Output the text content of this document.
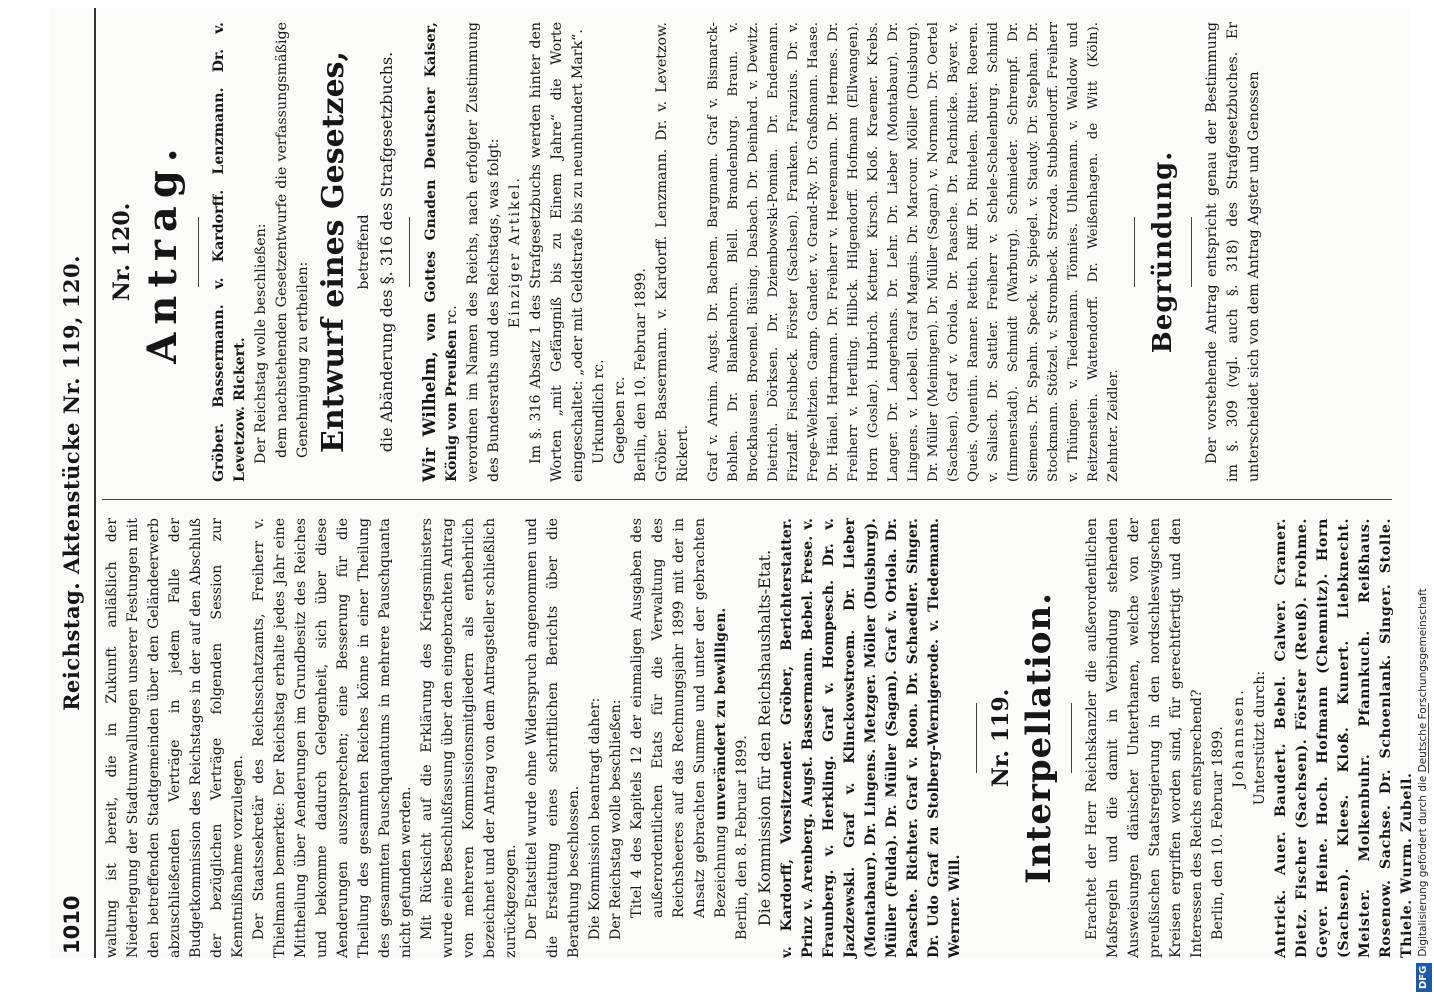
1010
Reichstag. Aktenstücke Nr. 119, 120.

waltung ist bereit, die in Zukunft anläßlich der Niederlegung der Stadtumwallungen unserer Festungen mit den betreffenden Stadtgemeinden über den Geländeerwerb abzuschließenden Verträge in jedem Falle der Budgetkommission des Reichstages in der auf den Abschluß der bezüglichen Verträge folgenden Session zur Kenntnißnahme vorzulegen. Der Staatssekretär des Reichsschatzamts, Freiherr v. Thielmann bemerkte: Der Reichstag erhalte jedes Jahr eine Mittheilung über Aenderungen im Grundbesitz des Reiches und bekomme dadurch Gelegenheit, sich über diese Aenderungen auszusprechen; eine Besserung für die Theilung des gesammten Reiches könne in einer Theilung des gesammten Pauschquantums in mehrere Pauschquanta nicht gefunden werden. Mit Rücksicht auf die Erklärung des Kriegsministers wurde eine Beschlußfassung über den eingebrachten Antrag von mehreren Kommissionsmitgliedern als entbehrlich bezeichnet und der Antrag von dem Antragsteller schließlich zurückgezogen. Der Etatstitel wurde ohne Widerspruch angenommen und die Erstattung eines schriftlichen Berichts über die Berathung beschlossen. Die Kommission beantragt daher: Der Reichstag wolle beschließen: Titel 4 des Kapitels 12 der einmaligen Ausgaben des außerordentlichen Etats für die Verwaltung des Reichsheeres auf das Rechnungsjahr 1899 mit der in Ansatz gebrachten Summe und unter der gebrachten Bezeichnung unverändert zu bewilligen.

Berlin, den 8. Februar 1899. Die Kommission für den Reichshaushalts-Etat. v. Kardorff, Vorsitzender. Gröber, Berichterstatter. Prinz v. Arenberg. Augst. Bassermann. Bebel. Frese. v. Fraunberg. v. Herkling. Graf v. Hompesch. Dr. v. Jazdzewski. Graf v. Klinckowstroem. Dr. Lieber (Montabaur). Dr. Lingens. Metzger. Möller (Duisburg). Müller (Fulda). Dr. Müller (Sagan). Graf v. Oriola. Dr. Paasche. Richter. Graf v. Roon. Dr. Schaedler. Singer. Dr. Udo Graf zu Stolberg-Wernigerode. v. Tiedemann. Werner. Will.

Nr. 119. Interpellation. Erachtet der Herr Reichskanzler die außerordentlichen Maßregeln und die damit in Verbindung stehenden Ausweisungen dänischer Unterthanen, welche von der preußischen Staatsregierung in den nordschleswigschen Kreisen ergriffen worden sind, für gerechtfertigt und den Interessen des Reichs entsprechend? Berlin, den 10. Februar 1899. Johannsen. Unterstützt durch: Antrick. Auer. Baudert. Bebel. Calwer. Cramer. Dietz. Fischer (Sachsen). Förster (Reuß). Frohme. Geyer. Heine. Hoch. Hofmann (Chemnitz). Horn (Sachsen). Klees. Kloß. Kunert. Liebknecht. Meister. Molkenbuhr. Pfannkuch. Reißhaus. Rosenow. Sachse. Dr. Schoenlank. Singer. Stolle. Thiele. Wurm. Zubeil.

Nr. 120. Antrag. Gröber. Bassermann. v. Kardorff. Lenzmann. Dr. v. Levetzow. Rickert. Der Reichstag wolle beschließen: dem nachstehenden Gesetzentwurfe die verfassungsmäßige Genehmigung zu ertheilen: Entwurf eines Gesetzes, betreffend die Abänderung des §. 316 des Strafgesetzbuchs. Wir Wilhelm, von Gottes Gnaden Deutscher Kaiser, König von Preußen rc. verordnen im Namen des Reichs, nach erfolgter Zustimmung des Bundesraths und des Reichstags, was folgt: Einziger Artikel. Im §. 316 Absatz 1 des Strafgesetzbuchs werden hinter den Worten „mit Gefängniß bis zu Einem Jahre“ die Worte eingeschaltet: „oder mit Geldstrafe bis zu neunhundert Mark“. Urkundlich rc. Gegeben rc. Berlin, den 10. Februar 1899. Gröber. Bassermann. v. Kardorff. Lenzmann. Dr. v. Levetzow. Rickert. Graf v. Arnim. Augst. Dr. Bachem. Bargmann. Graf v. Bismarck-Bohlen. Dr. Blankenhorn. Blell. Brandenburg. Braun. v. Brockhausen. Broemel. Büsing. Dasbach. Dr. Deinhard. v. Dewitz. Dietrich. Dörksen. Dr. Dziembowski-Pomian. Dr. Endemann. Firzlaff. Fischbeck. Förster (Sachsen). Franken. Franzius. Dr. v. Frege-Weltzien. Gamp. Gander. v. Grand-Ry. Dr. Graßmann. Haase. Dr. Hänel. Hartmann. Dr. Freiherr v. Heeremann. Dr. Hermes. Dr. Freiherr v. Hertling. Hilbck. Hilgendorff. Hofmann (Ellwangen). Horn (Goslar). Hubrich. Kettner. Kirsch. Kloß. Kraemer. Krebs. Langer. Dr. Langerhans. Dr. Lehr. Dr. Lieber (Montabaur). Dr. Lingens. v. Loebell. Graf Magnis. Dr. Marcour. Möller (Duisburg). Dr. Müller (Meiningen). Dr. Müller (Sagan). v. Normann. Dr. Oertel (Sachsen). Graf v. Oriola. Dr. Paasche. Dr. Pachnicke. Bayer. v. Queis. Quentin. Ranner. Rettich. Riff. Dr. Rintelen. Ritter. Roeren. v. Salisch. Dr. Sattler. Freiherr v. Schele-Schelenburg. Schmid (Immenstadt). Schmidt (Warburg). Schmieder. Schrempf. Dr. Siemens. Dr. Spahn. Speck. v. Spiegel. v. Staudy. Dr. Stephan. Dr. Stockmann. Stötzel. v. Strombeck. Strzoda. Stubbendorff. Freiherr v. Thüngen. v. Tiedemann. Tönnies. Uhlemann. v. Waldow und Reitzenstein. Wattendorff. Dr. Weißenhagen. de Witt (Köln). Zehnter. Zeidler.

Begründung. Der vorstehende Antrag entspricht genau der Bestimmung im §. 309 (vgl. auch §. 318) des Strafgesetzbuches. Er unterscheidet sich von dem Antrag Agster und Genossen

DFGDigitalisierung gefördert durch die Deutsche Forschungsgemeinschaft
